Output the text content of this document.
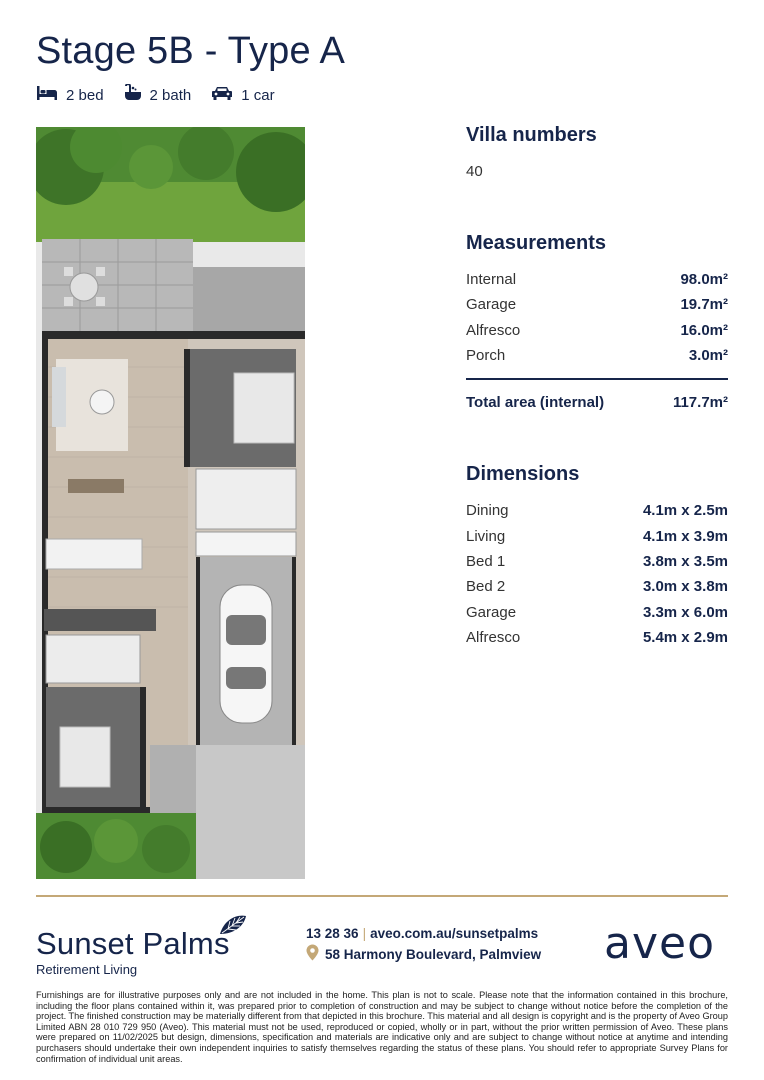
Stage 5B - Type A
2 bed	2 bath	1 car
Villa numbers
40
Measurements
Internal	98.0m²
Garage	19.7m²
Alfresco	16.0m²
Porch	3.0m²
Total area (internal)	117.7m²
Dimensions
Dining	4.1m x 2.5m
Living	4.1m x 3.9m
Bed 1	3.8m x 3.5m
Bed 2	3.0m x 3.8m
Garage	3.3m x 6.0m
Alfresco	5.4m x 2.9m
Sunset Palms
Retirement Living
13 28 36 | aveo.com.au/sunsetpalms
58 Harmony Boulevard, Palmview aveo

Furnishings are for illustrative purposes only and are not included in the home. This plan is not to scale. Please note that the information contained in this brochure, including the floor plans contained within it, was prepared prior to completion of construction and may be subject to change without notice before the completion of the project. The finished construction may be materially different from that depicted in this brochure. This material and all design is copyright and is the property of Aveo Group Limited ABN 28 010 729 950 (Aveo). This material must not be used, reproduced or copied, wholly or in part, without the prior written permission of Aveo. These plans were prepared on 11/02/2025 but design, dimensions, specification and materials are indicative only and are subject to change without notice at anytime and intending purchasers should undertake their own independent inquiries to satisfy themselves regarding the status of these plans. You should refer to appropriate Survey Plans for confirmation of individual unit areas.
